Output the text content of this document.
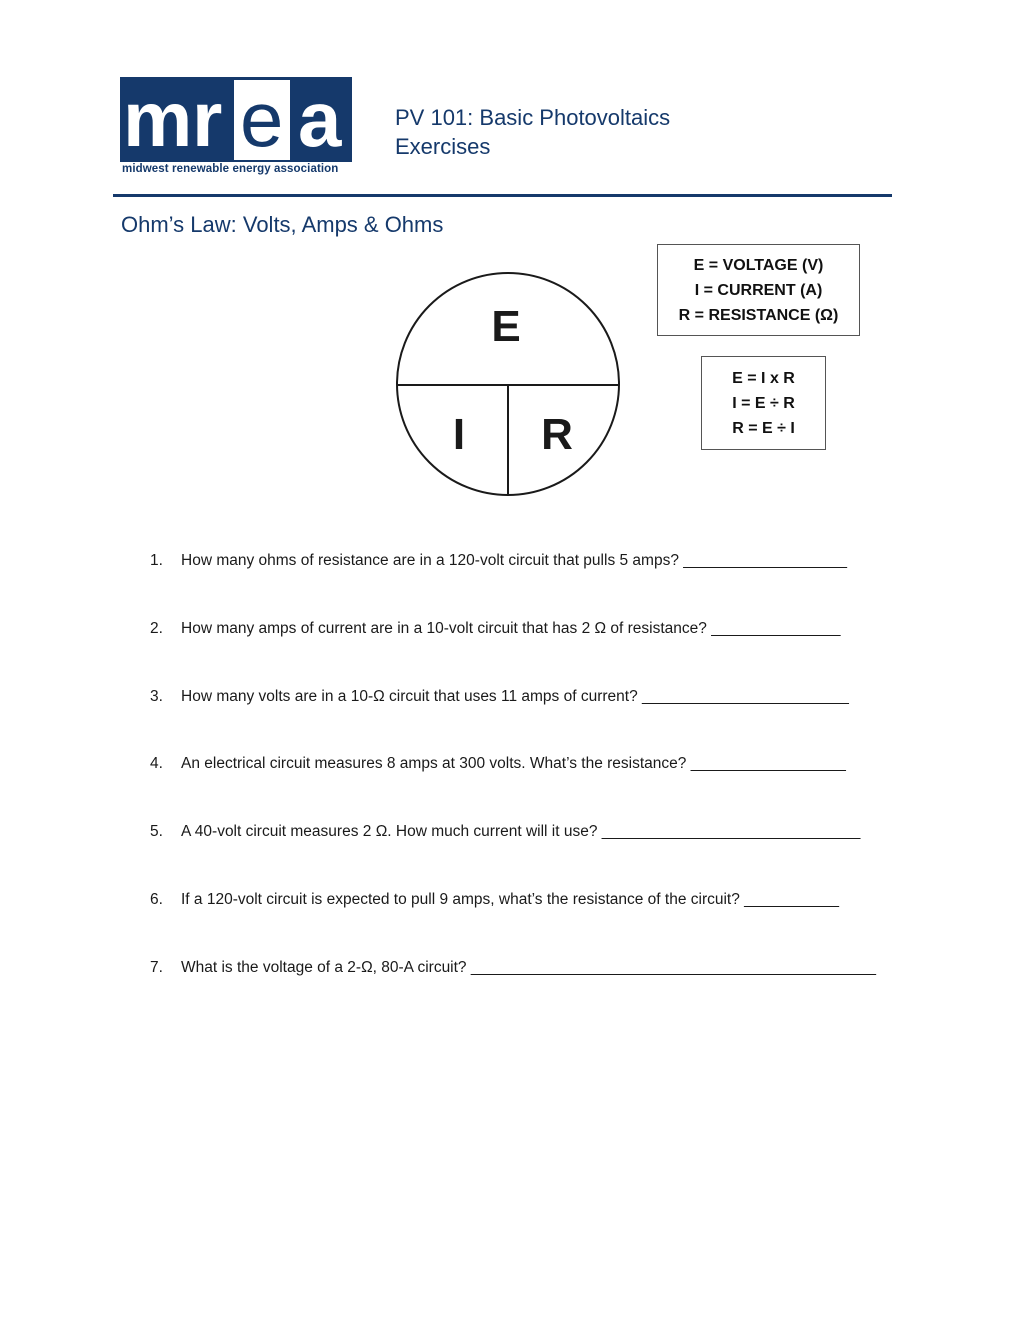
m r e a
midwest renewable energy association
PV 101: Basic Photovoltaics
Exercises
Ohm’s Law: Volts, Amps & Ohms
E
I R
E = VOLTAGE (V)
I = CURRENT (A)
R = RESISTANCE (Ω)
E = I x R
I = E ÷ R
R = E ÷ I
1.	How many ohms of resistance are in a 120-volt circuit that pulls 5 amps? ___________________
2.	How many amps of current are in a 10-volt circuit that has 2 Ω of resistance? _______________
3.	How many volts are in a 10-Ω circuit that uses 11 amps of current? ________________________
4.	An electrical circuit measures 8 amps at 300 volts. What’s the resistance? __________________
5.	A 40-volt circuit measures 2 Ω. How much current will it use? ______________________________
6.	If a 120-volt circuit is expected to pull 9 amps, what’s the resistance of the circuit? ___________
7.	What is the voltage of a 2-Ω, 80-A circuit? _______________________________________________
